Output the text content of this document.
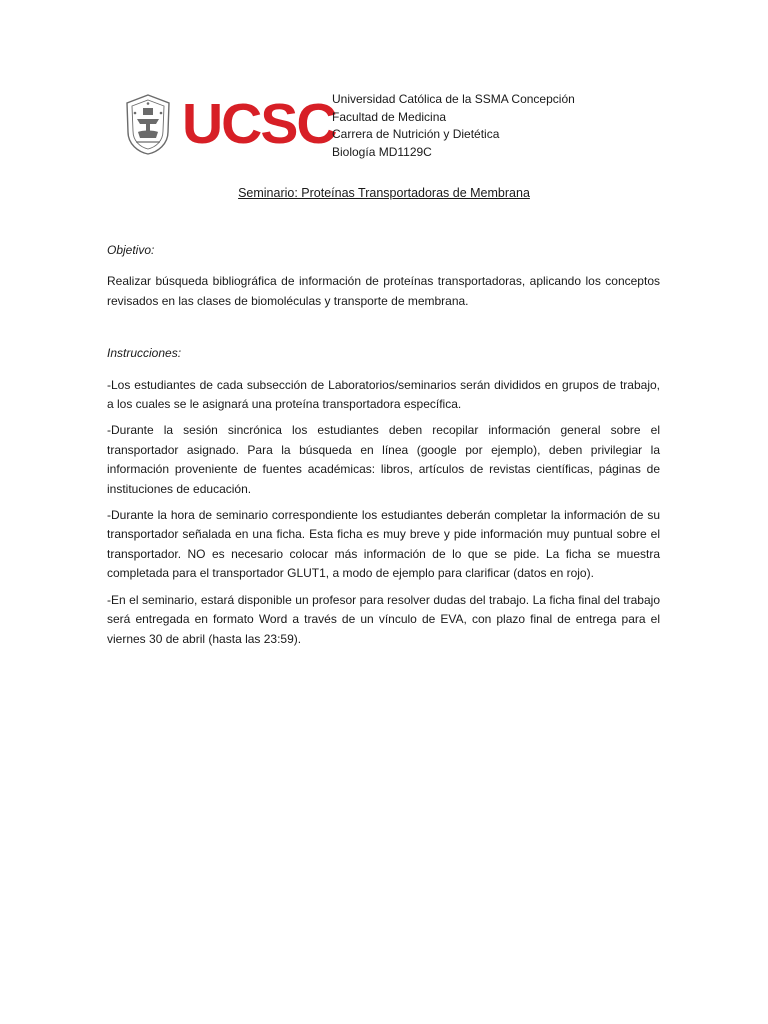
UCSC
Universidad Católica de la SSMA Concepción
Facultad de Medicina
Carrera de Nutrición y Dietética
Biología MD1129C
Seminario: Proteínas Transportadoras de Membrana

Objetivo:

Realizar búsqueda bibliográfica de información de proteínas transportadoras, aplicando los conceptos revisados en las clases de biomoléculas y transporte de membrana.

Instrucciones:

-Los estudiantes de cada subsección de Laboratorios/seminarios serán divididos en grupos de trabajo, a los cuales se le asignará una proteína transportadora específica.

-Durante la sesión sincrónica los estudiantes deben recopilar información general sobre el transportador asignado. Para la búsqueda en línea (google por ejemplo), deben privilegiar la información proveniente de fuentes académicas: libros, artículos de revistas científicas, páginas de instituciones de educación.

-Durante la hora de seminario correspondiente los estudiantes deberán completar la información de su transportador señalada en una ficha. Esta ficha es muy breve y pide información muy puntual sobre el transportador. NO es necesario colocar más información de lo que se pide. La ficha se muestra completada para el transportador GLUT1, a modo de ejemplo para clarificar (datos en rojo).

-En el seminario, estará disponible un profesor para resolver dudas del trabajo. La ficha final del trabajo será entregada en formato Word a través de un vínculo de EVA, con plazo final de entrega para el viernes 30 de abril (hasta las 23:59).
